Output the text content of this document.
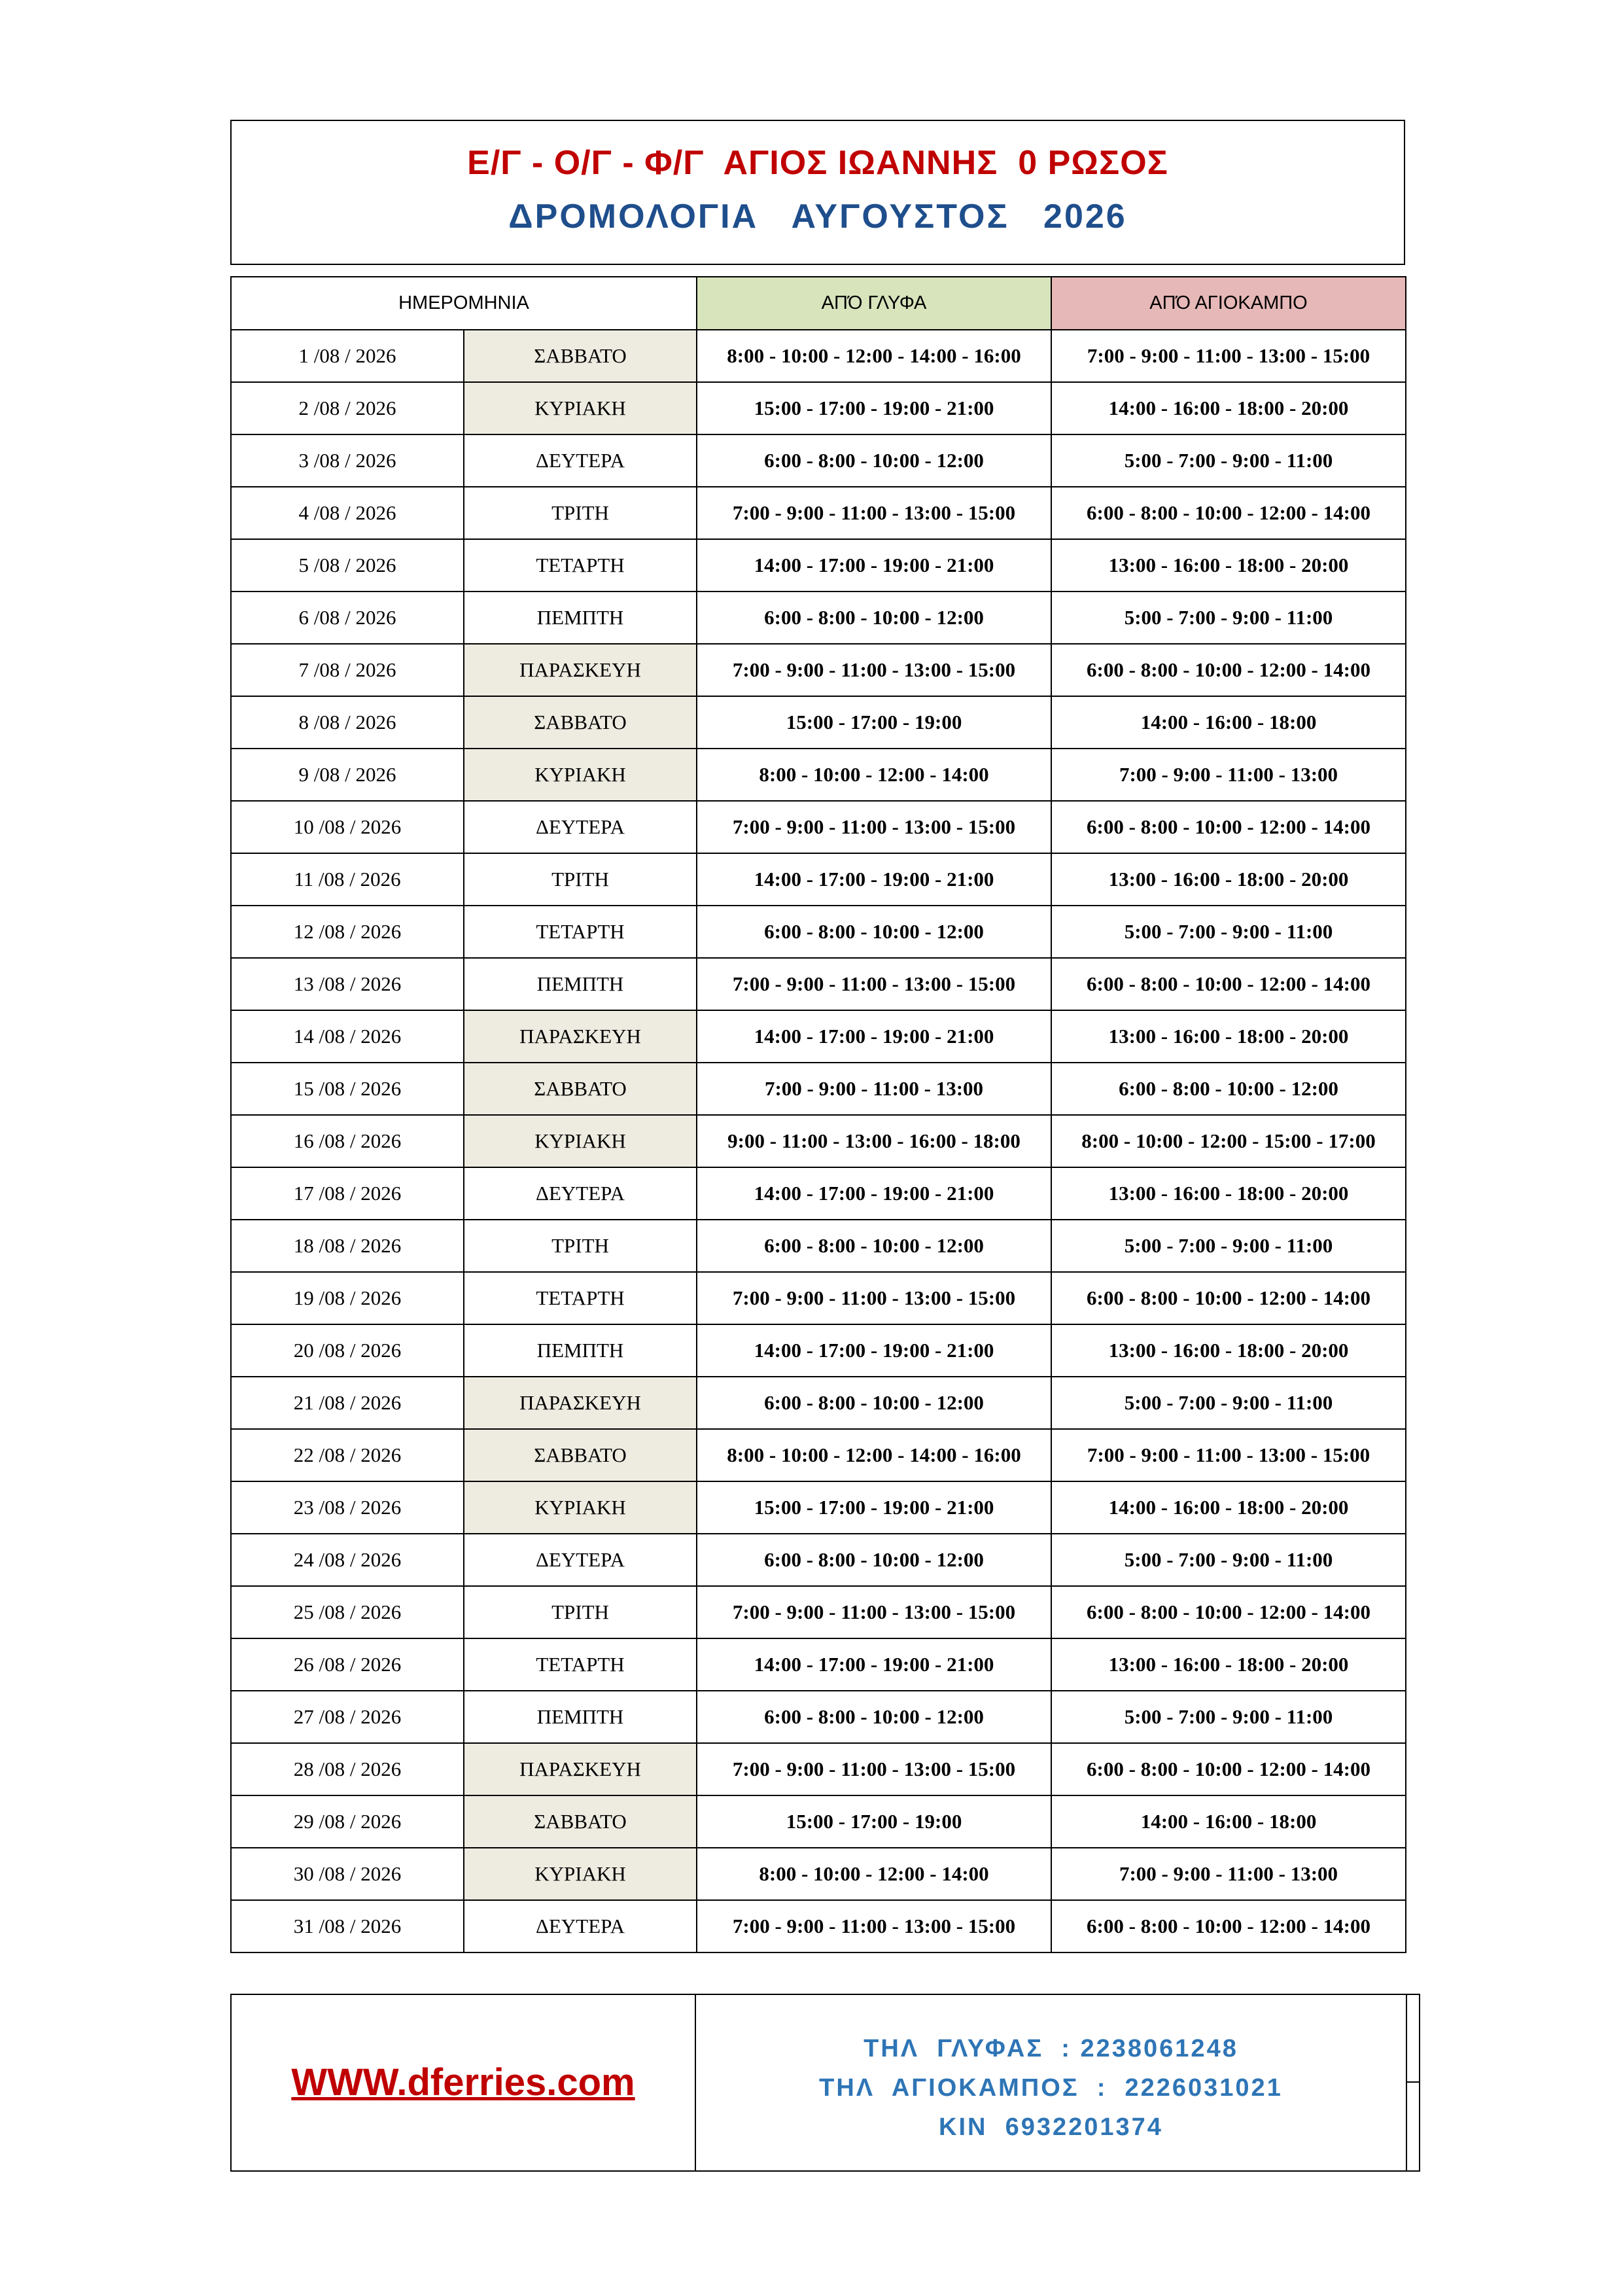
Ε/Γ - Ο/Γ - Φ/Γ  ΑΓΙΟΣ ΙΩΑΝΝΗΣ  0 ΡΩΣΟΣ
ΔΡΟΜΟΛΟΓΙΑ   ΑΥΓΟΥΣΤΟΣ   2026
ΗΜΕΡΟΜΗΝΙΑ		ΑΠΌ ΓΛΥΦΑ	ΑΠΌ ΑΓΙΟΚΑΜΠΟ
1 /08 / 2026	ΣΑΒΒΑΤΟ	8:00 - 10:00 - 12:00 - 14:00 - 16:00	7:00 - 9:00 - 11:00 - 13:00 - 15:00
2 /08 / 2026	ΚΥΡΙΑΚΗ	15:00 - 17:00 - 19:00 - 21:00	14:00 - 16:00 - 18:00 - 20:00
3 /08 / 2026	ΔΕΥΤΕΡΑ	6:00 - 8:00 - 10:00 - 12:00	5:00 - 7:00 - 9:00 - 11:00
4 /08 / 2026	ΤΡΙΤΗ	7:00 - 9:00 - 11:00 - 13:00 - 15:00	6:00 - 8:00 - 10:00 - 12:00 - 14:00
5 /08 / 2026	ΤΕΤΑΡΤΗ	14:00 - 17:00 - 19:00 - 21:00	13:00 - 16:00 - 18:00 - 20:00
6 /08 / 2026	ΠΕΜΠΤΗ	6:00 - 8:00 - 10:00 - 12:00	5:00 - 7:00 - 9:00 - 11:00
7 /08 / 2026	ΠΑΡΑΣΚΕΥΗ	7:00 - 9:00 - 11:00 - 13:00 - 15:00	6:00 - 8:00 - 10:00 - 12:00 - 14:00
8 /08 / 2026	ΣΑΒΒΑΤΟ	15:00 - 17:00 - 19:00	14:00 - 16:00 - 18:00
9 /08 / 2026	ΚΥΡΙΑΚΗ	8:00 - 10:00 - 12:00 - 14:00	7:00 - 9:00 - 11:00 - 13:00
10 /08 / 2026	ΔΕΥΤΕΡΑ	7:00 - 9:00 - 11:00 - 13:00 - 15:00	6:00 - 8:00 - 10:00 - 12:00 - 14:00
11 /08 / 2026	ΤΡΙΤΗ	14:00 - 17:00 - 19:00 - 21:00	13:00 - 16:00 - 18:00 - 20:00
12 /08 / 2026	ΤΕΤΑΡΤΗ	6:00 - 8:00 - 10:00 - 12:00	5:00 - 7:00 - 9:00 - 11:00
13 /08 / 2026	ΠΕΜΠΤΗ	7:00 - 9:00 - 11:00 - 13:00 - 15:00	6:00 - 8:00 - 10:00 - 12:00 - 14:00
14 /08 / 2026	ΠΑΡΑΣΚΕΥΗ	14:00 - 17:00 - 19:00 - 21:00	13:00 - 16:00 - 18:00 - 20:00
15 /08 / 2026	ΣΑΒΒΑΤΟ	7:00 - 9:00 - 11:00 - 13:00	6:00 - 8:00 - 10:00 - 12:00
16 /08 / 2026	ΚΥΡΙΑΚΗ	9:00 - 11:00 - 13:00 - 16:00 - 18:00	8:00 - 10:00 - 12:00 - 15:00 - 17:00
17 /08 / 2026	ΔΕΥΤΕΡΑ	14:00 - 17:00 - 19:00 - 21:00	13:00 - 16:00 - 18:00 - 20:00
18 /08 / 2026	ΤΡΙΤΗ	6:00 - 8:00 - 10:00 - 12:00	5:00 - 7:00 - 9:00 - 11:00
19 /08 / 2026	ΤΕΤΑΡΤΗ	7:00 - 9:00 - 11:00 - 13:00 - 15:00	6:00 - 8:00 - 10:00 - 12:00 - 14:00
20 /08 / 2026	ΠΕΜΠΤΗ	14:00 - 17:00 - 19:00 - 21:00	13:00 - 16:00 - 18:00 - 20:00
21 /08 / 2026	ΠΑΡΑΣΚΕΥΗ	6:00 - 8:00 - 10:00 - 12:00	5:00 - 7:00 - 9:00 - 11:00
22 /08 / 2026	ΣΑΒΒΑΤΟ	8:00 - 10:00 - 12:00 - 14:00 - 16:00	7:00 - 9:00 - 11:00 - 13:00 - 15:00
23 /08 / 2026	ΚΥΡΙΑΚΗ	15:00 - 17:00 - 19:00 - 21:00	14:00 - 16:00 - 18:00 - 20:00
24 /08 / 2026	ΔΕΥΤΕΡΑ	6:00 - 8:00 - 10:00 - 12:00	5:00 - 7:00 - 9:00 - 11:00
25 /08 / 2026	ΤΡΙΤΗ	7:00 - 9:00 - 11:00 - 13:00 - 15:00	6:00 - 8:00 - 10:00 - 12:00 - 14:00
26 /08 / 2026	ΤΕΤΑΡΤΗ	14:00 - 17:00 - 19:00 - 21:00	13:00 - 16:00 - 18:00 - 20:00
27 /08 / 2026	ΠΕΜΠΤΗ	6:00 - 8:00 - 10:00 - 12:00	5:00 - 7:00 - 9:00 - 11:00
28 /08 / 2026	ΠΑΡΑΣΚΕΥΗ	7:00 - 9:00 - 11:00 - 13:00 - 15:00	6:00 - 8:00 - 10:00 - 12:00 - 14:00
29 /08 / 2026	ΣΑΒΒΑΤΟ	15:00 - 17:00 - 19:00	14:00 - 16:00 - 18:00
30 /08 / 2026	ΚΥΡΙΑΚΗ	8:00 - 10:00 - 12:00 - 14:00	7:00 - 9:00 - 11:00 - 13:00
31 /08 / 2026	ΔΕΥΤΕΡΑ	7:00 - 9:00 - 11:00 - 13:00 - 15:00	6:00 - 8:00 - 10:00 - 12:00 - 14:00
WWW.dferries.com
ΤΗΛ  ΓΛΥΦΑΣ  : 2238061248
ΤΗΛ  ΑΓΙΟΚΑΜΠΟΣ  :  2226031021
ΚΙΝ  6932201374
